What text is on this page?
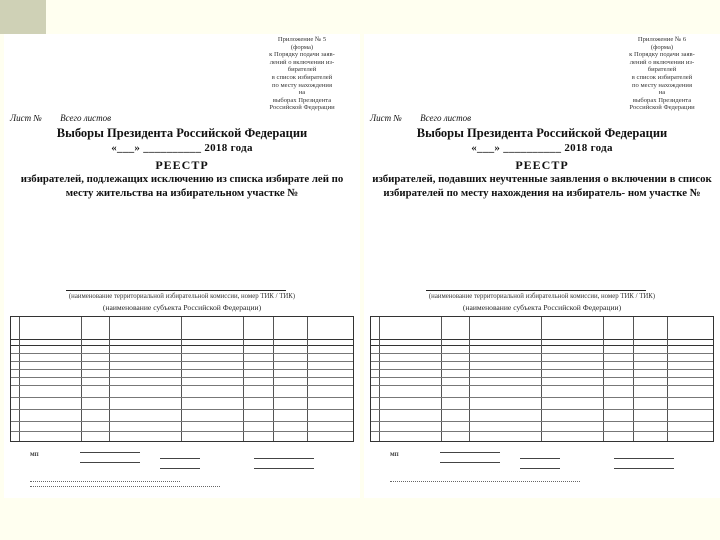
Приложение № 5
(форма)
к Порядку подачи заяв-
лений о включении из-
бирателей
в список избирателей
по месту нахождения
на
выборах Президента
Российской Федерации
Лист № Всего листов
Выборы Президента Российской Федерации
«___» __________ 2018 года
РЕЕСТР
избирателей, подлежащих исключению из списка избирате лей по месту жительства на избирательном участке №
(наименование территориальной избирательной комиссии, номер ТИК / ТИК)
(наименование субъекта Российской Федерации)
МП
Приложение № 6
(форма)
к Порядку подачи заяв-
лений о включении из-
бирателей
в список избирателей
по месту нахождения
на
выборах Президента
Российской Федерации
Лист № Всего листов
Выборы Президента Российской Федерации
«___» __________ 2018 года
РЕЕСТР
избирателей, подавших неучтенные заявления о включении в список избирателей по месту нахождения на избиратель- ном участке №
(наименование территориальной избирательной комиссии, номер ТИК / ТИК)
(наименование субъекта Российской Федерации)
МП
